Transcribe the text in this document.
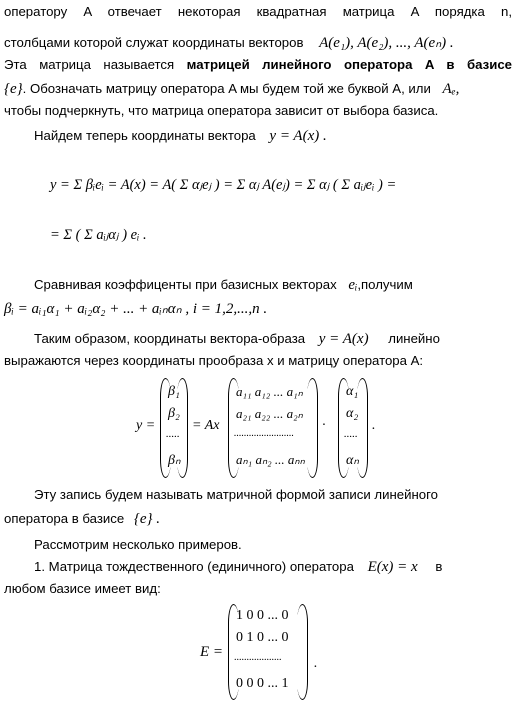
оператору A отвечает некоторая квадратная матрица A порядка n,
столбцами которой служат координаты векторов A(e₁), A(e₂), ..., A(eₙ) .
Эта матрица называется матрицей линейного оператора A в базисе
{e}. Обозначать матрицу оператора A мы будем той же буквой A, или Aₑ,
чтобы подчеркнуть, что матрица оператора зависит от выбора базиса.
Найдем теперь координаты вектора y = A(x) .
y = Σ βᵢeᵢ = A(x) = A( Σ αⱼeⱼ ) = Σ αⱼ A(eⱼ) = Σ αⱼ ( Σ aᵢⱼeᵢ ) =
= Σ ( Σ aᵢⱼαⱼ ) eᵢ .
Сравнивая коэффиценты при базисных векторах eᵢ,получим
βᵢ = aᵢ₁α₁ + aᵢ₂α₂ + ... + aᵢₙαₙ , i = 1,2,...,n .
Таким образом, координаты вектора-образа y = A(x) линейно
выражаются через координаты прообраза x и матрицу оператора A:
y =
β₁
β₂
.....
βₙ
= Ax
a₁₁ a₁₂ ... a₁ₙ
a₂₁ a₂₂ ... a₂ₙ
........................
aₙ₁ aₙ₂ ... aₙₙ
·
α₁
α₂
.....
αₙ
.
Эту запись будем называть матричной формой записи линейного
оператора в базисе {e} .
Рассмотрим несколько примеров.
1. Матрица тождественного (единичного) оператора E(x) = x в
любом базисе имеет вид:
E =
1 0 0 ... 0
0 1 0 ... 0
...................
0 0 0 ... 1
.
